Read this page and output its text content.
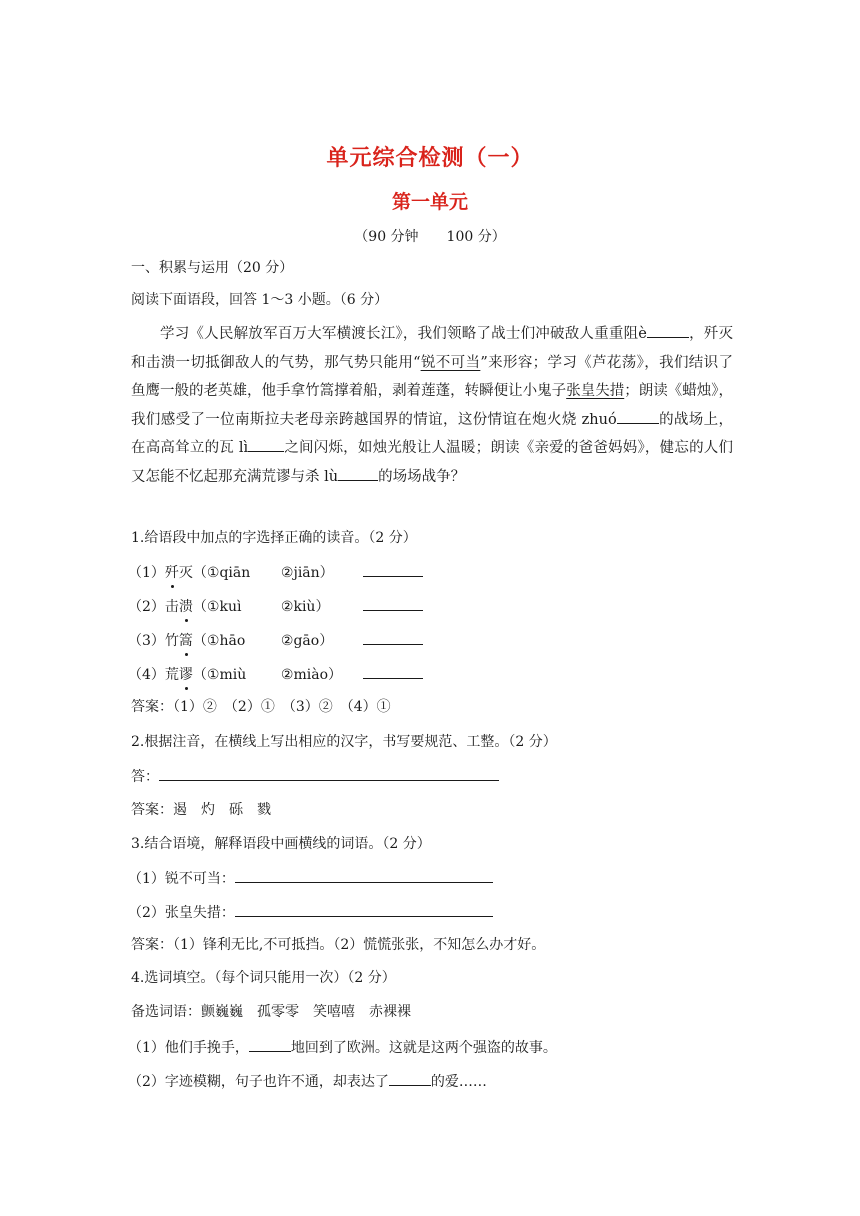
单元综合检测（一）
第一单元
（90 分钟　　100 分）
一、积累与运用（20 分）
阅读下面语段，回答 1～3 小题。（6 分）
学习《人民解放军百万大军横渡长江》，我们领略了战士们冲破敌人重重阻è	，歼灭和击溃一切抵御敌人的气势，那气势只能用“锐不可当”来形容；学习《芦花荡》，我们结识了鱼鹰一般的老英雄，他手拿竹篙撑着船，剥着莲蓬，转瞬便让小鬼子张皇失措；朗读《蜡烛》，我们感受了一位南斯拉夫老母亲跨越国界的情谊，这份情谊在炮火烧 zhuó	的战场上，在高高耸立的瓦 lì 之间闪烁，如烛光般让人温暖；朗读《亲爱的爸爸妈妈》，健忘的人们又怎能不忆起那充满荒谬与杀 lù	的场场战争？
1.给语段中加点的字选择正确的读音。（2 分）
（1）歼灭（①qiān ②jiān）
（2）击溃（①kuì	②kiù）
（3）竹篙（①hāo	②gāo）
（4）荒谬（①miù ②miào）
答案：（1）②　（2）①　（3）②　（4）①
2.根据注音，在横线上写出相应的汉字，书写要规范、工整。（2 分）
答：
答案：遏　灼　砾　戮
3.结合语境，解释语段中画横线的词语。（2 分）
（1）锐不可当：
（2）张皇失措：
答案：（1）锋利无比,不可抵挡。（2）慌慌张张，不知怎么办才好。
4.选词填空。（每个词只能用一次）（2 分）
备选词语：颤巍巍　孤零零　笑嘻嘻　赤裸裸
（1）他们手挽手，	地回到了欧洲。这就是这两个强盗的故事。
（2）字迹模糊，句子也许不通，却表达了	的爱……
